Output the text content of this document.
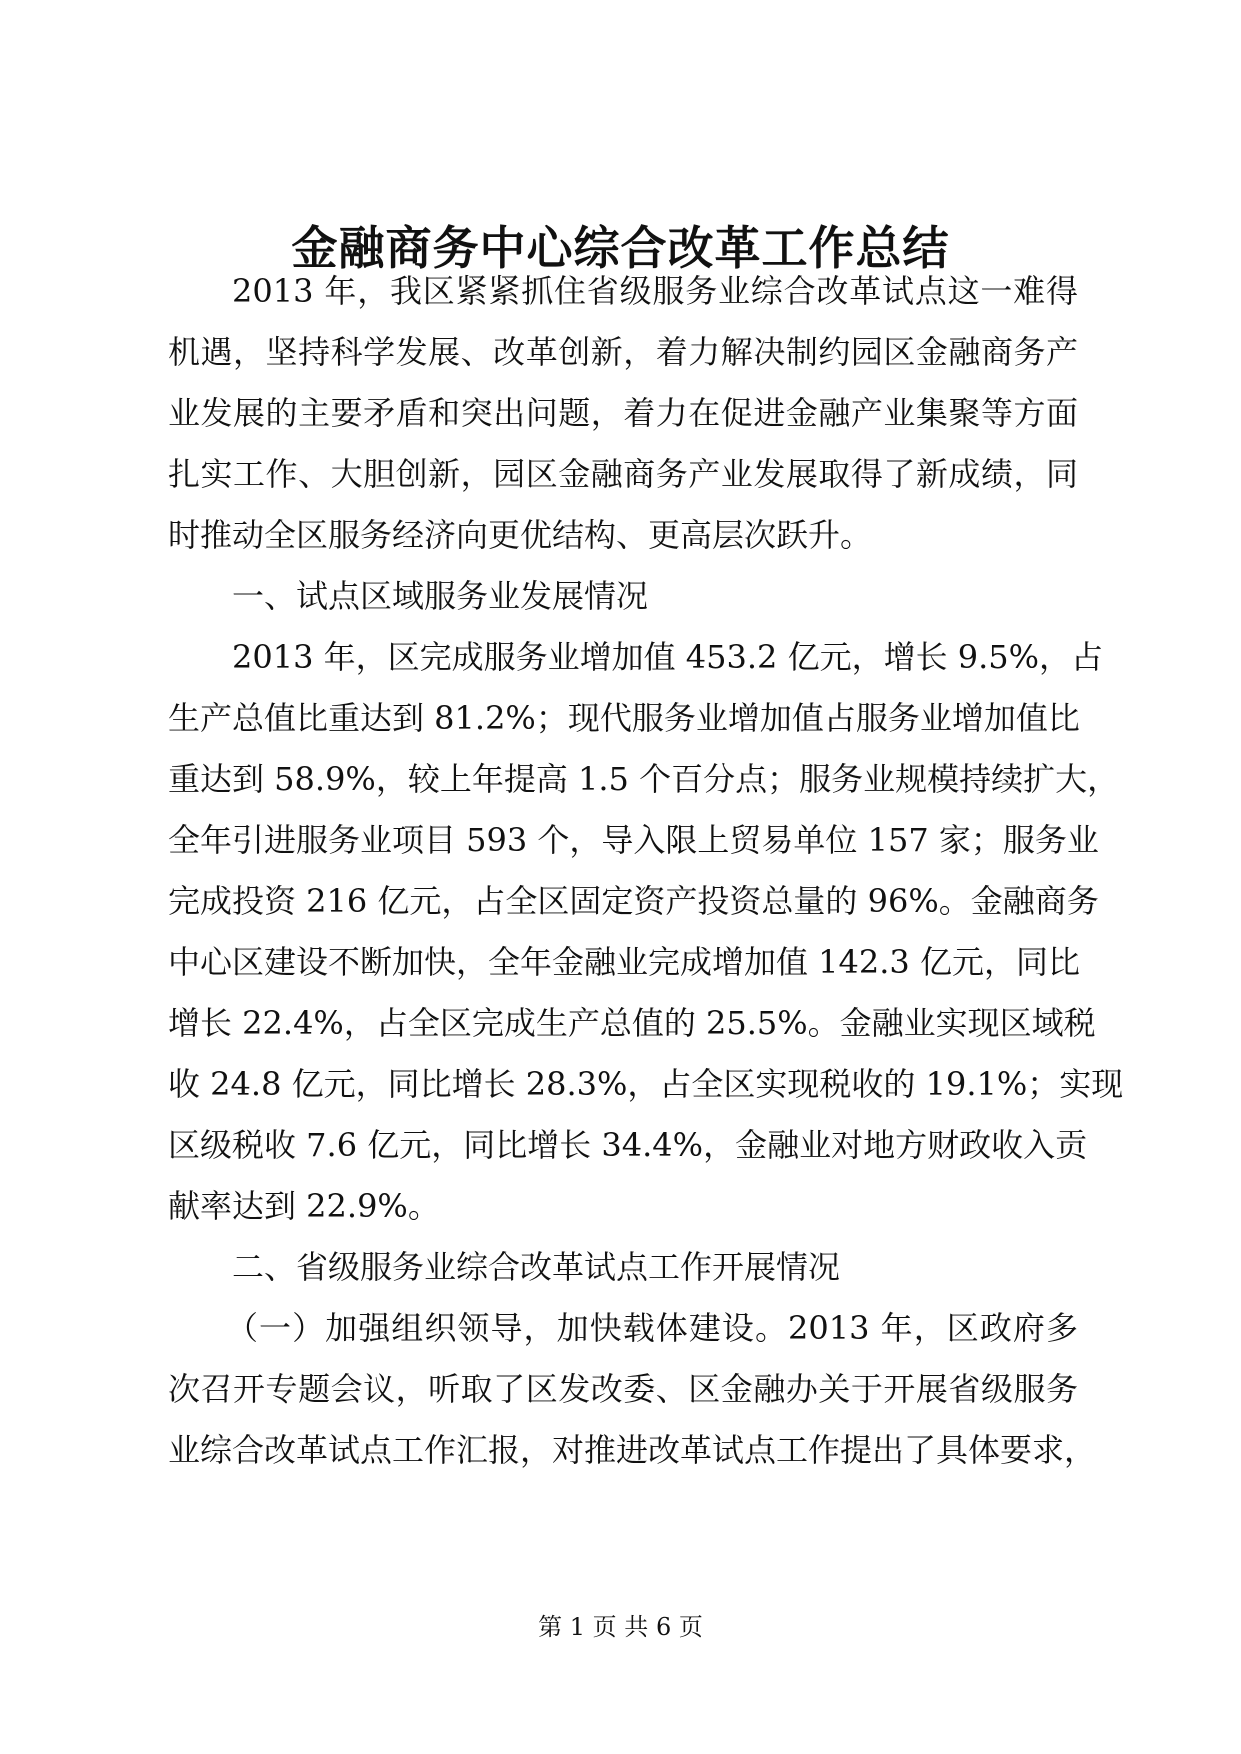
金融商务中心综合改革工作总结
2013 年，我区紧紧抓住省级服务业综合改革试点这一难得
机遇，坚持科学发展、改革创新，着力解决制约园区金融商务产
业发展的主要矛盾和突出问题，着力在促进金融产业集聚等方面
扎实工作、大胆创新，园区金融商务产业发展取得了新成绩，同
时推动全区服务经济向更优结构、更高层次跃升。
一、试点区域服务业发展情况
2013 年，区完成服务业增加值 453.2 亿元，增长 9.5%，占
生产总值比重达到 81.2%；现代服务业增加值占服务业增加值比
重达到 58.9%，较上年提高 1.5 个百分点；服务业规模持续扩大，
全年引进服务业项目 593 个，导入限上贸易单位 157 家；服务业
完成投资 216 亿元，占全区固定资产投资总量的 96%。金融商务
中心区建设不断加快，全年金融业完成增加值 142.3 亿元，同比
增长 22.4%，占全区完成生产总值的 25.5%。金融业实现区域税
收 24.8 亿元，同比增长 28.3%，占全区实现税收的 19.1%；实现
区级税收 7.6 亿元，同比增长 34.4%，金融业对地方财政收入贡
献率达到 22.9%。
二、省级服务业综合改革试点工作开展情况
（一）加强组织领导，加快载体建设。2013 年，区政府多
次召开专题会议，听取了区发改委、区金融办关于开展省级服务
业综合改革试点工作汇报，对推进改革试点工作提出了具体要求，
第 1 页 共 6 页
